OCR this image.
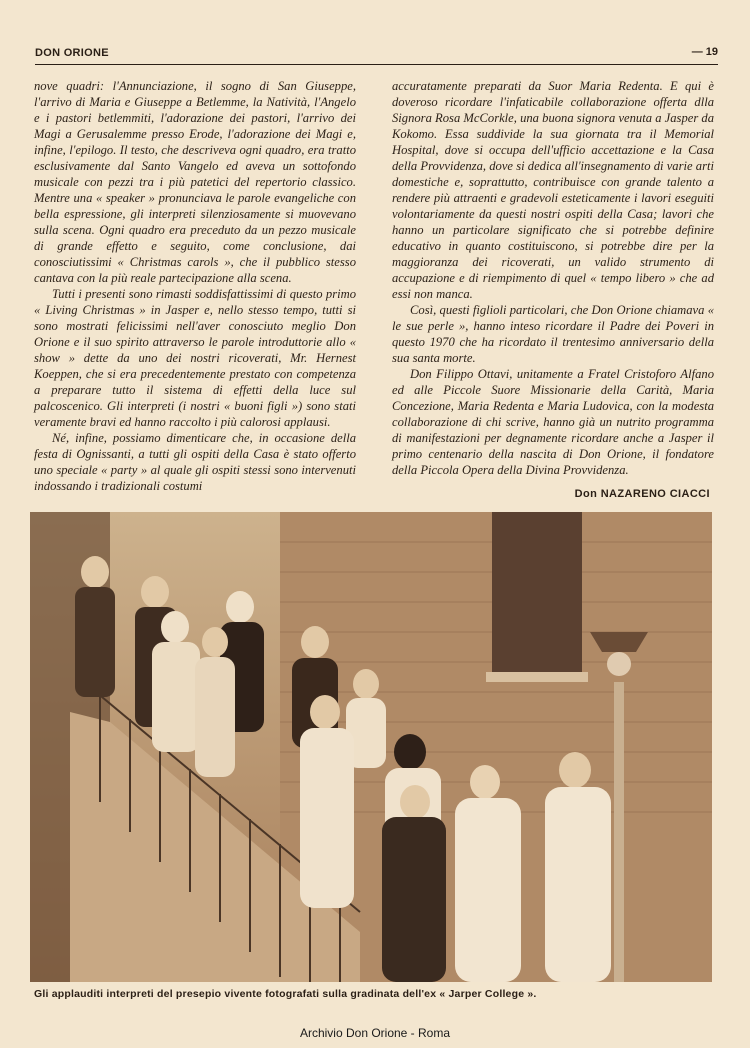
DON ORIONE	— 19

nove quadri: l'Annunciazione, il sogno di San Giuseppe, l'arrivo di Maria e Giuseppe a Betlemme, la Natività, l'Angelo e i pastori betlemmiti, l'adorazione dei pastori, l'arrivo dei Magi a Gerusalemme presso Erode, l'adorazione dei Magi e, infine, l'epilogo. Il testo, che descriveva ogni quadro, era tratto esclusivamente dal Santo Vangelo ed aveva un sottofondo musicale con pezzi tra i più patetici del repertorio classico. Mentre una « speaker » pronunciava le parole evangeliche con bella espressione, gli interpreti silenziosamente si muovevano sulla scena. Ogni quadro era preceduto da un pezzo musicale di grande effetto e seguito, come conclusione, dai conosciutissimi « Christmas carols », che il pubblico stesso cantava con la più reale partecipazione alla scena.

Tutti i presenti sono rimasti soddisfattissimi di questo primo « Living Christmas » in Jasper e, nello stesso tempo, tutti si sono mostrati felicissimi nell'aver conosciuto meglio Don Orione e il suo spirito attraverso le parole introduttorie allo « show » dette da uno dei nostri ricoverati, Mr. Hernest Koeppen, che si era precedentemente prestato con competenza a preparare tutto il sistema di effetti della luce sul palcoscenico. Gli interpreti (i nostri « buoni figli ») sono stati veramente bravi ed hanno raccolto i più calorosi applausi.

Né, infine, possiamo dimenticare che, in occasione della festa di Ognissanti, a tutti gli ospiti della Casa è stato offerto uno speciale « party » al quale gli ospiti stessi sono intervenuti indossando i tradizionali costumi

accuratamente preparati da Suor Maria Redenta. E qui è doveroso ricordare l'infaticabile collaborazione offerta dlla Signora Rosa McCorkle, una buona signora venuta a Jasper da Kokomo. Essa suddivide la sua giornata tra il Memorial Hospital, dove si occupa dell'ufficio accettazione e la Casa della Provvidenza, dove si dedica all'insegnamento di varie arti domestiche e, soprattutto, contribuisce con grande talento a rendere più attraenti e gradevoli esteticamente i lavori eseguiti volontariamente da questi nostri ospiti della Casa; lavori che hanno un particolare significato che si potrebbe definire educativo in quanto costituiscono, si potrebbe dire per la maggioranza dei ricoverati, un valido strumento di accupazione e di riempimento di quel « tempo libero » che ad essi non manca.

Così, questi figlioli particolari, che Don Orione chiamava « le sue perle », hanno inteso ricordare il Padre dei Poveri in questo 1970 che ha ricordato il trentesimo anniversario della sua santa morte.

Don Filippo Ottavi, unitamente a Fratel Cristoforo Alfano ed alle Piccole Suore Missionarie della Carità, Maria Concezione, Maria Redenta e Maria Ludovica, con la modesta collaborazione di chi scrive, hanno già un nutrito programma di manifestazioni per degnamente ricordare anche a Jasper il primo centenario della nascita di Don Orione, il fondatore della Piccola Opera della Divina Provvidenza.

Don NAZARENO CIACCI
Gli applauditi interpreti del presepio vivente fotografati sulla gradinata dell'ex « Jarper College ».
Archivio Don Orione - Roma
